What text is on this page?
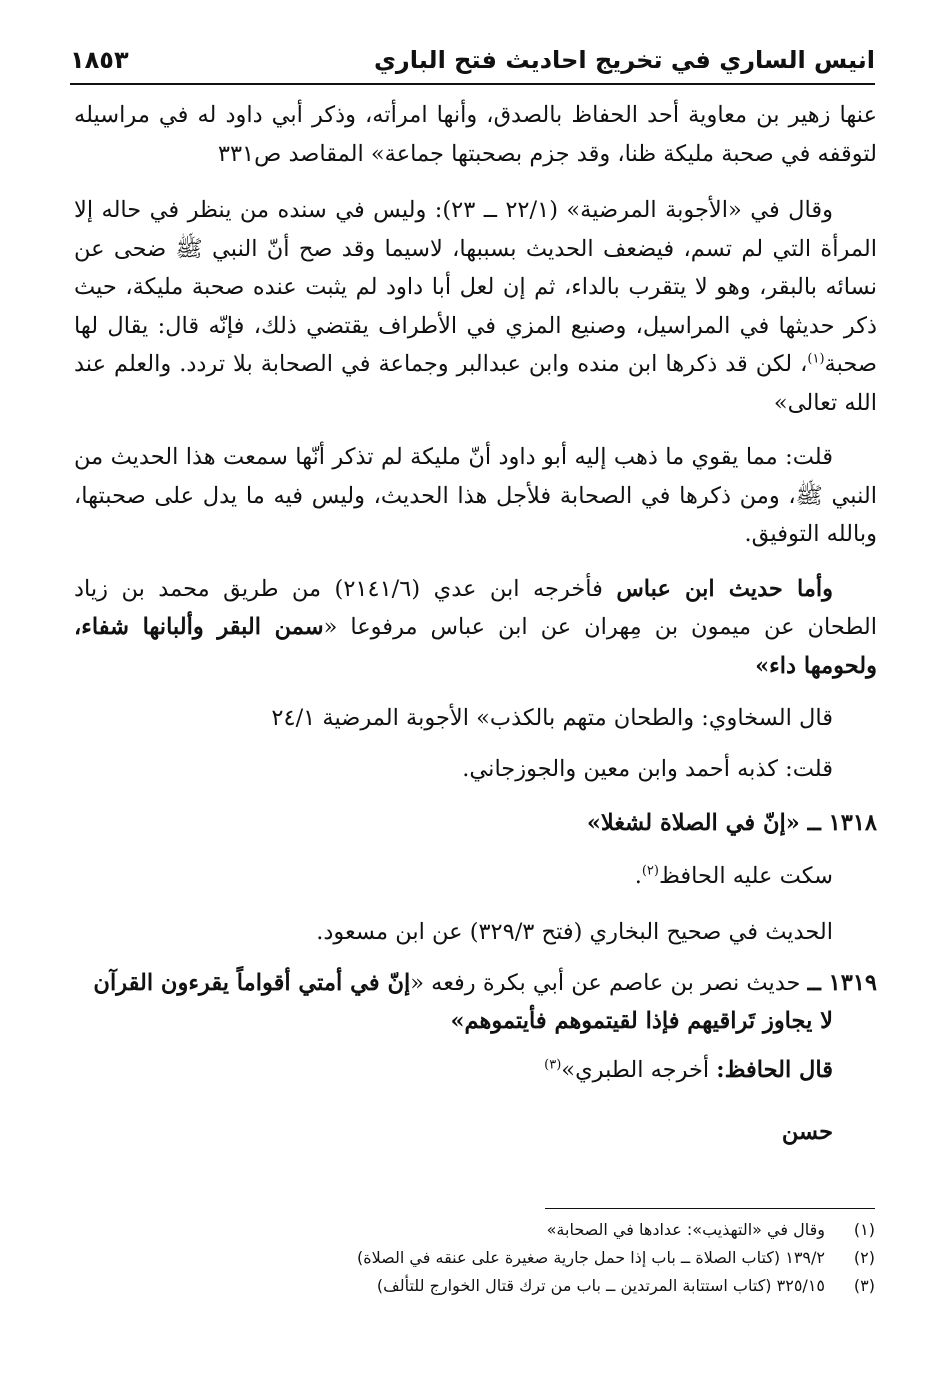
انيس الساري في تخريج احاديث فتح الباري
١٨٥٣

عنها زهير بن معاوية أحد الحفاظ بالصدق، وأنها امرأته، وذكر أبي داود له في مراسيله لتوقفه في صحبة مليكة ظنا، وقد جزم بصحبتها جماعة» المقاصد ص٣٣١

وقال في «الأجوبة المرضية» (٢٢/١ ــ ٢٣): وليس في سنده من ينظر في حاله إلا المرأة التي لم تسم، فيضعف الحديث بسببها، لاسيما وقد صح أنّ النبي ﷺ ضحى عن نسائه بالبقر، وهو لا يتقرب بالداء، ثم إن لعل أبا داود لم يثبت عنده صحبة مليكة، حيث ذكر حديثها في المراسيل، وصنيع المزي في الأطراف يقتضي ذلك، فإنّه قال: يقال لها صحبة$^{(١)}$، لكن قد ذكرها ابن منده وابن عبدالبر وجماعة في الصحابة بلا تردد. والعلم عند الله تعالى»

قلت: مما يقوي ما ذهب إليه أبو داود أنّ مليكة لم تذكر أنّها سمعت هذا الحديث من النبي ﷺ، ومن ذكرها في الصحابة فلأجل هذا الحديث، وليس فيه ما يدل على صحبتها، وبالله التوفيق.

وأما حديث ابن عباس فأخرجه ابن عدي (٢١٤١/٦) من طريق محمد بن زياد الطحان عن ميمون بن مِهران عن ابن عباس مرفوعا «سمن البقر وألبانها شفاء، ولحومها داء»

قال السخاوي: والطحان متهم بالكذب» الأجوبة المرضية ٢٤/١

قلت: كذبه أحمد وابن معين والجوزجاني.

١٣١٨ ــ «إنّ في الصلاة لشغلا»

سكت عليه الحافظ$^{(٢)}$.

الحديث في صحيح البخاري (فتح ٣٢٩/٣) عن ابن مسعود.

١٣١٩ ــ حديث نصر بن عاصم عن أبي بكرة رفعه «إنّ في أمتي أقواماً يقرءون القرآن
لا يجاوز تَراقيهم فإذا لقيتموهم فأيتموهم»

قال الحافظ: أخرجه الطبري»$^{(٣)}$

حسن

(١)
وقال في «التهذيب»: عدادها في الصحابة»
(٢)
١٣٩/٢ (كتاب الصلاة ــ باب إذا حمل جارية صغيرة على عنقه في الصلاة)
(٣)
٣٢٥/١٥ (كتاب استتابة المرتدين ــ باب من ترك قتال الخوارج للتألف)
